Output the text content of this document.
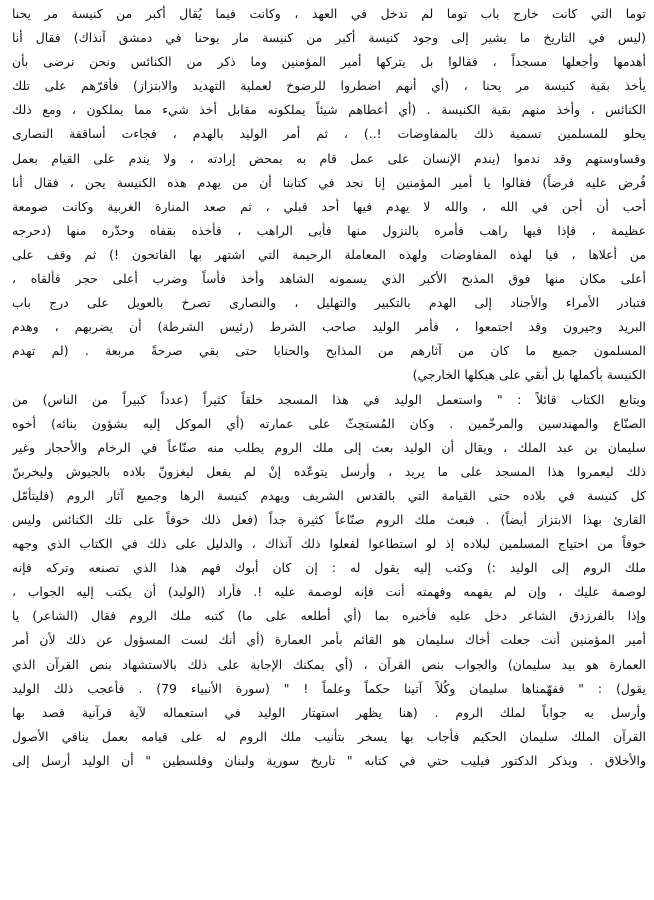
توما التي كانت خارج باب توما لم تدخل في العهد ، وكانت فيما يُقال أكبر من كنيسة مر يحنا
(ليس في التاريخ ما يشير إلى وجود كنيسة أكبر من كنيسة مار يوحنا في دمشق آنذاك) فقال أنا
أهدمها وأجعلها مسجداً ، فقالوا بل يتركها أمير المؤمنين وما ذكر من الكنائس ونحن نرضى بأن
يأخذ بقية كنيسة مر يحنا ، (أي أنهم اضطروا للرضوخ لعملية التهديد والابتزاز) فأقرّهم على تلك
الكنائس ، وأخذ منهم بقية الكنيسة . (أي أعطاهم شيئاً يملكونه مقابل أخذ شيء مما يملكون ، ومع ذلك
يحلو للمسلمين تسمية ذلك بالمفاوضات !..) ، ثم أمر الوليد بالهدم ، فجاءت أساقفة النصارى
وقساوستهم وقد ندموا (يندم الإنسان على عمل قام به بمحض إرادته ، ولا يندم على القيام بعمل
فُرض عليه فرضاً) فقالوا يا أمير المؤمنين إنا نجد في كتابنا أن من يهدم هذه الكنيسة يجن ، فقال أنا
أحب أن أجن في الله ، والله لا يهدم فيها أحد قبلي ، ثم صعد المنارة الغربية وكانت صومعة
عظيمة ، فإذا فيها راهب فأمره بالنزول منها فأبى الراهب ، فأخذه بقفاه وحدّره منها (دحرجه
من أعلاها ، فيا لهذه المفاوضات ولهذه المعاملة الرحيمة التي اشتهر بها الفاتحون !) ثم وقف على
أعلى مكان منها فوق المذبح الأكبر الذي يسمونه الشاهد وأخذ فأساً وضرب أعلى حجر فألقاه ،
فتبادر الأمراء والأجناد إلى الهدم بالتكبير والتهليل ، والنصارى تصرخ بالعويل على درج باب
البريد وجيرون وقد اجتمعوا ، فأمر الوليد صاحب الشرط (رئيس الشرطة) أن يضربهم ، وهدم
المسلمون جميع ما كان من آثارهم من المذابح والحنايا حتى بقي صرحةً مربعة . (لم تهدم
الكنيسة بأكملها بل أبقي على هيكلها الخارجي)
ويتابع الكتاب قائلاً : " واستعمل الوليد في هذا المسجد خلقاً كثيراً (عدداً كبيراً من الناس) من
الصنّاع والمهندسين والمرخّمين . وكان المُستحِثّ على عمارته (أي الموكل إليه بشؤون بنائه) أخوه
سليمان بن عبد الملك ، ويقال أن الوليد بعث إلى ملك الروم يطلب منه صنّاعاً في الرخام والأحجار وغير
ذلك ليعمروا هذا المسجد على ما يريد ، وأرسل يتوعّده إنْ لم يفعل ليغزونّ بلاده بالجيوش وليخربنّ
كل كنيسة في بلاده حتى القيامة التي بالقدس الشريف ويهدم كنيسة الرها وجميع آثار الروم (فليتأمّل
القارئ بهذا الابتزاز أيضاً) . فبعث ملك الروم صنّاعاً كثيرة جداً (فعل ذلك خوفاً على تلك الكنائس وليس
خوفاً من احتياج المسلمين لبلاده إذ لو استطاعوا لفعلوا ذلك آنذاك ، والدليل على ذلك في الكتاب الذي وجهه
ملك الروم إلى الوليد :) وكتب إليه يقول له : إن كان أبوك فهم هذا الذي تصنعه وتركه فإنه
لوصمة عليك ، وإن لم يفهمه وفهمته أنت فإنه لوصمة عليه !. فأراد (الوليد) أن يكتب إليه الجواب ،
وإذا بالفرزدق الشاعر دخل عليه فأخبره بما (أي أطلعه على ما) كتبه ملك الروم فقال (الشاعر) يا
أمير المؤمنين أنت جعلت أخاك سليمان هو القائم بأمر العمارة (أي أنك لست المسؤول عن ذلك لأن أمر
العمارة هو بيد سليمان) والجواب بنص القرآن ، (أي يمكنك الإجابة على ذلك بالاستشهاد بنص القرآن الذي
يقول) : " ففهّمناها سليمان وكُلاً آتينا حكماً وعلماً ! " (سورة الأنبياء 79) . فأعجب ذلك الوليد
وأرسل به جواباً لملك الروم . (هنا يظهر استهتار الوليد في استعماله لآية قرآنية قصد بها
القرآن الملك سليمان الحكيم فأجاب بها يسخر بتأنيب ملك الروم له على قيامه بعمل ينافي الأصول
والأخلاق . ويذكر الدكتور فيليب حتي في كتابه " تاريخ سورية ولبنان وفلسطين " أن الوليد أرسل إلى
